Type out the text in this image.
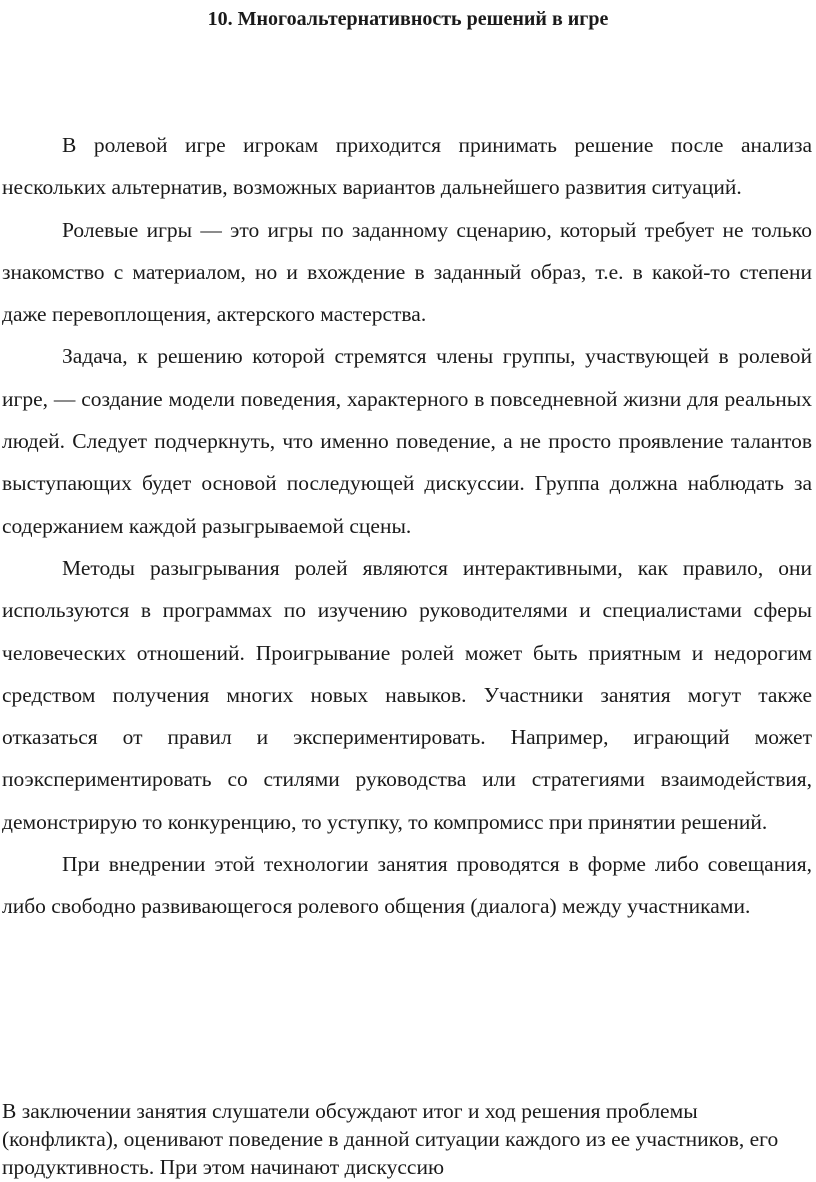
10. Многоальтернативность решений в игре

В ролевой игре игрокам приходится принимать решение после анализа нескольких альтернатив, возможных вариантов дальнейшего развития ситуаций.

Ролевые игры — это игры по заданному сценарию, который требует не только знакомство с материалом, но и вхождение в заданный образ, т.е. в какой-то степени даже перевоплощения, актерского мастерства.

Задача, к решению которой стремятся члены группы, участвующей в ролевой игре, — создание модели поведения, характерного в повседневной жизни для реальных людей. Следует подчеркнуть, что именно поведение, а не просто проявление талантов выступающих будет основой последующей дискуссии. Группа должна наблюдать за содержанием каждой разыгрываемой сцены.

Методы разыгрывания ролей являются интерактивными, как правило, они используются в программах по изучению руководителями и специалистами сферы человеческих отношений. Проигрывание ролей может быть приятным и недорогим средством получения многих новых навыков. Участники занятия могут также отказаться от правил и экспериментировать. Например, играющий может поэкспериментировать со стилями руководства или стратегиями взаимодействия, демонстрирую то конкуренцию, то уступку, то компромисс при принятии решений.

При внедрении этой технологии занятия проводятся в форме либо совещания, либо свободно развивающегося ролевого общения (диалога) между участниками.

В заключении занятия слушатели обсуждают итог и ход решения проблемы (конфликта), оценивают поведение в данной ситуации каждого из ее участников, его продуктивность. При этом начинают дискуссию
